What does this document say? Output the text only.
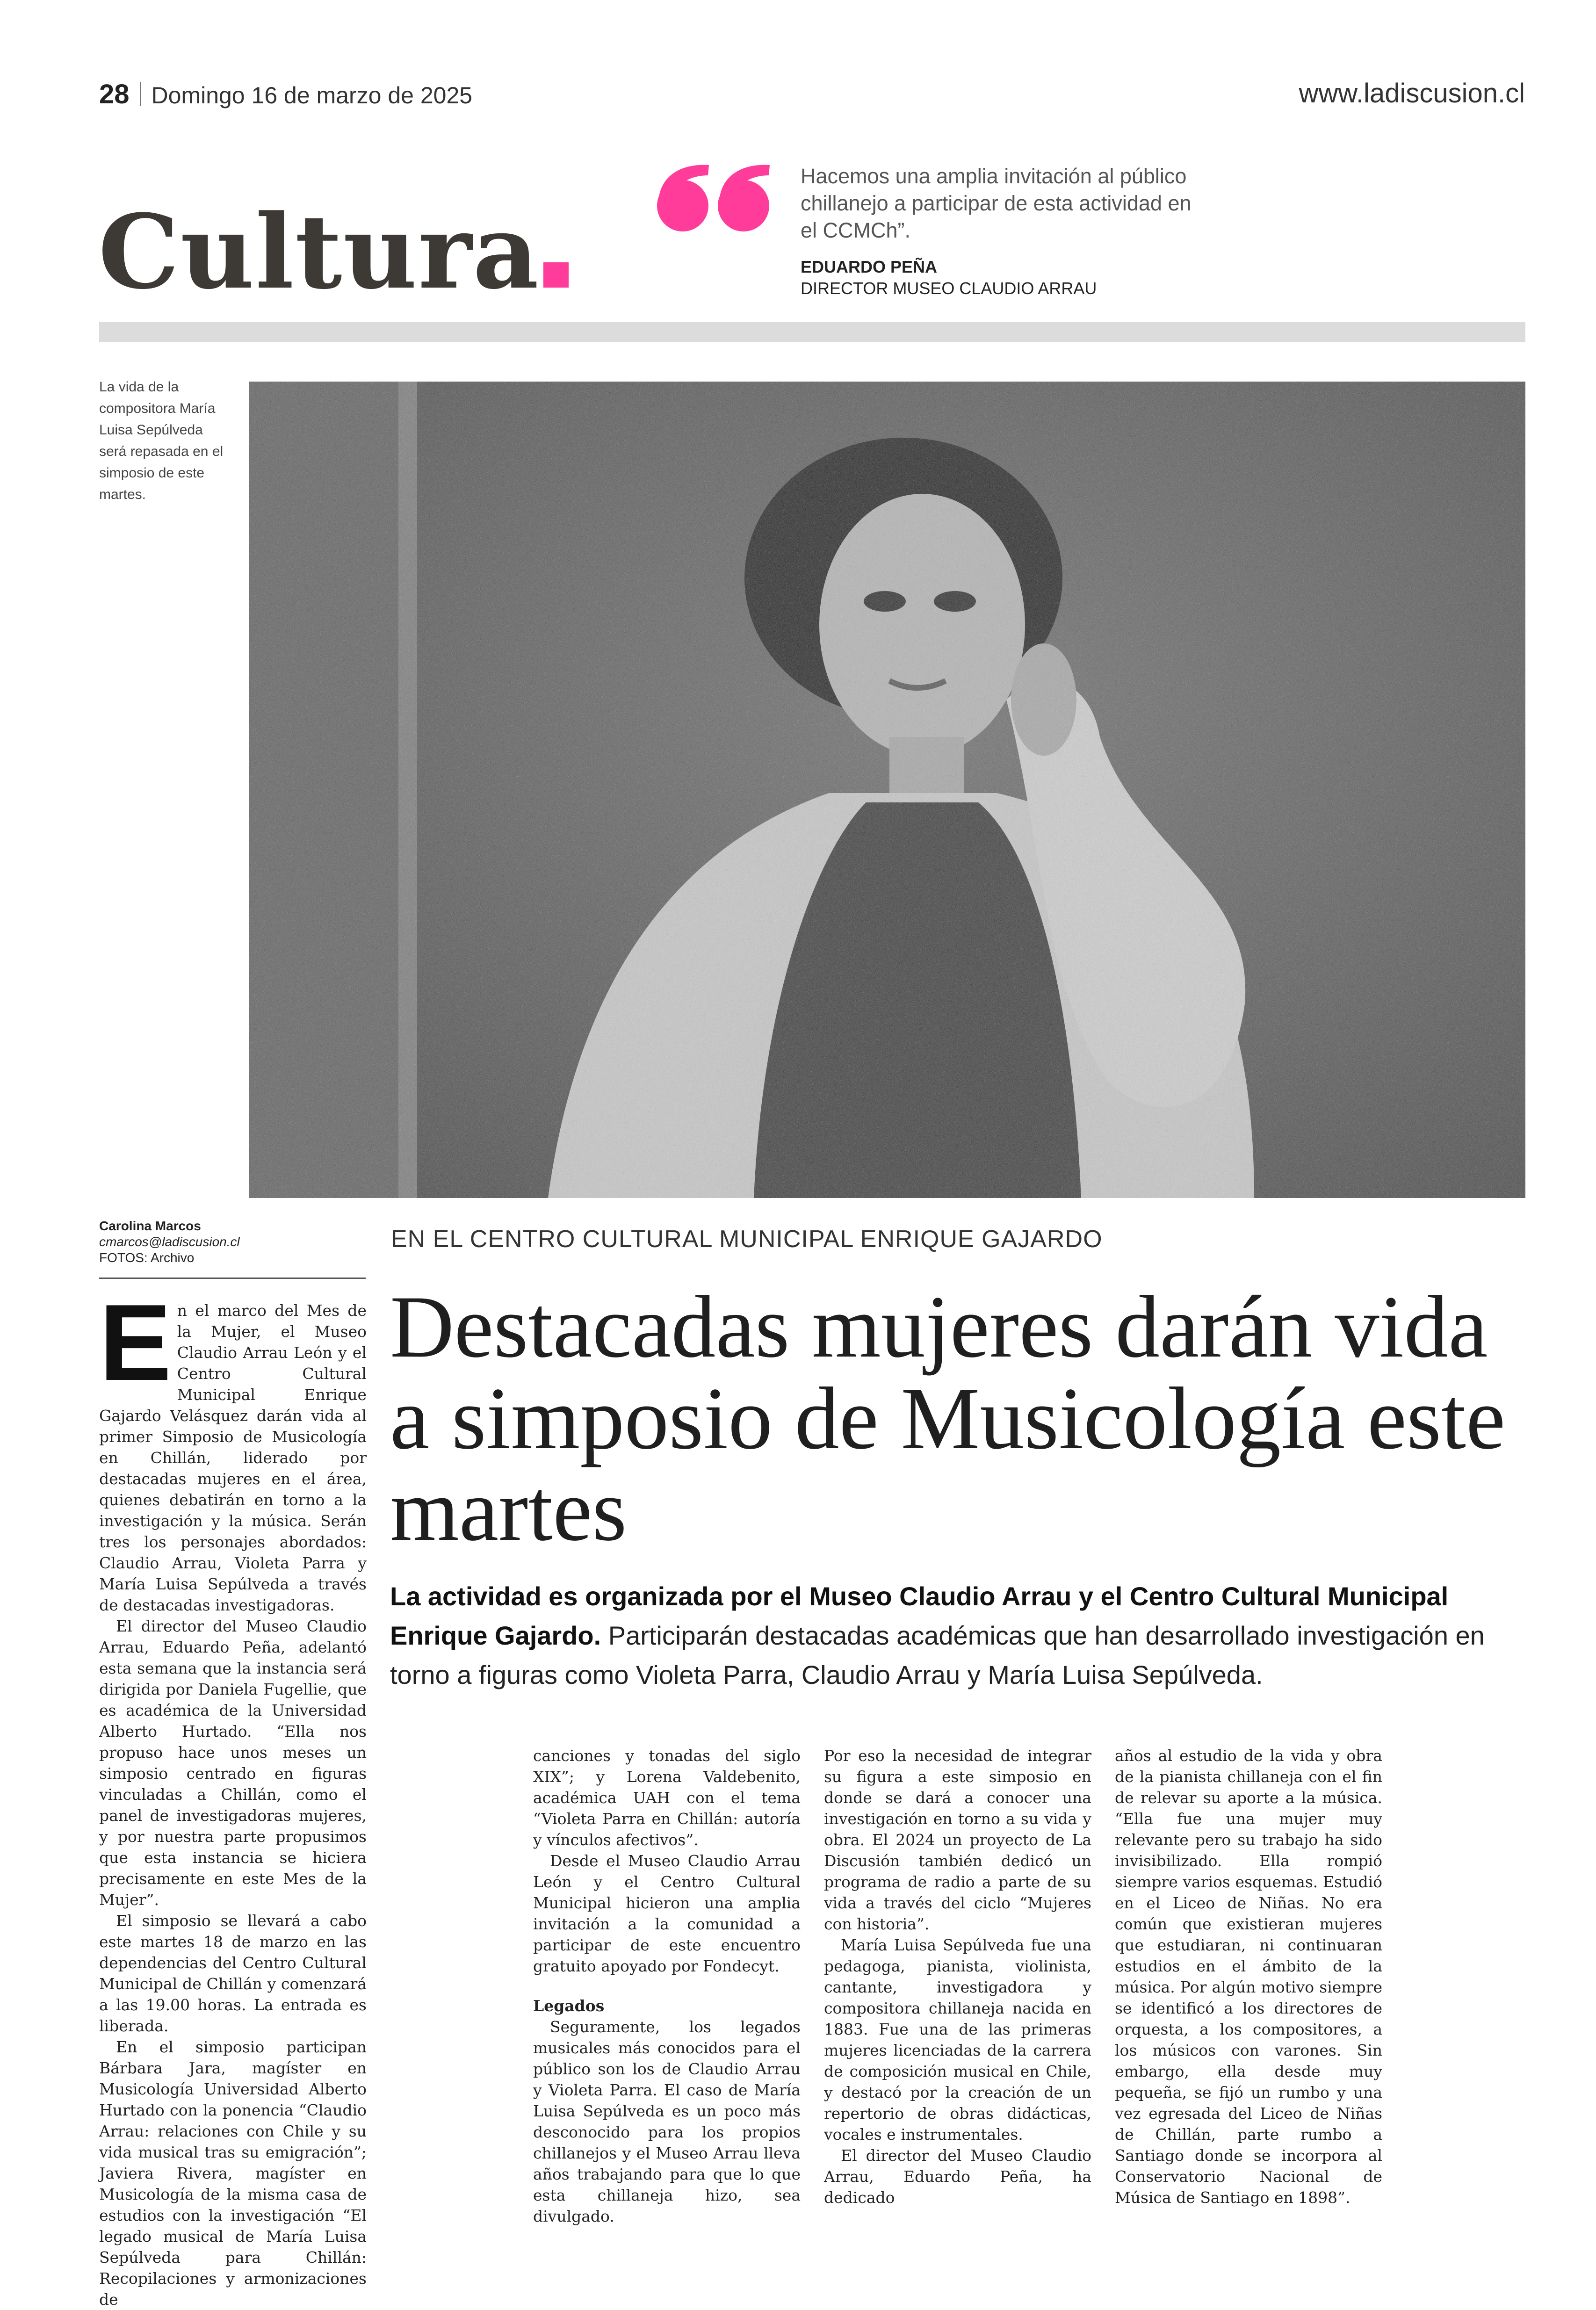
28 Domingo 16 de marzo de 2025	www.ladiscusion.cl
Cultura
Hacemos una amplia invitación al público chillanejo a participar de esta actividad en el CCMCh”.
EDUARDO PEÑA
DIRECTOR MUSEO CLAUDIO ARRAU
La vida de la compositora María Luisa Sepúlveda será repasada en el simposio de este martes.
Carolina Marcos
cmarcos@ladiscusion.cl
FOTOS: Archivo
EN EL CENTRO CULTURAL MUNICIPAL ENRIQUE GAJARDO
Destacadas mujeres darán vida a simposio de Musicología este martes
La actividad es organizada por el Museo Claudio Arrau y el Centro Cultural Municipal Enrique Gajardo. Participarán destacadas académicas que han desarrollado investigación en torno a figuras como Violeta Parra, Claudio Arrau y María Luisa Sepúlveda.
E n el marco del Mes de la Mujer, el Museo Claudio Arrau León y el Centro Cultural Municipal Enrique Gajardo Velásquez darán vida al primer Simposio de Musicología en Chillán, liderado por destacadas mujeres en el área, quienes debatirán en torno a la investigación y la música. Serán tres los personajes abordados: Claudio Arrau, Violeta Parra y María Luisa Sepúlveda a través de destacadas investigadoras.

El director del Museo Claudio Arrau, Eduardo Peña, adelantó esta semana que la instancia será dirigida por Daniela Fugellie, que es académica de la Universidad Alberto Hurtado. “Ella nos propuso hace unos meses un simposio centrado en figuras vinculadas a Chillán, como el panel de investigadoras mujeres, y por nuestra parte propusimos que esta instancia se hiciera precisamente en este Mes de la Mujer”.

El simposio se llevará a cabo este martes 18 de marzo en las dependencias del Centro Cultural Municipal de Chillán y comenzará a las 19.00 horas. La entrada es liberada.

En el simposio participan Bárbara Jara, magíster en Musicología Universidad Alberto Hurtado con la ponencia “Claudio Arrau: relaciones con Chile y su vida musical tras su emigración”; Javiera Rivera, magíster en Musicología de la misma casa de estudios con la investigación “El legado musical de María Luisa Sepúlveda para Chillán: Recopilaciones y armonizaciones de

canciones y tonadas del siglo XIX”; y Lorena Valdebenito, académica UAH con el tema “Violeta Parra en Chillán: autoría y vínculos afectivos”.

Desde el Museo Claudio Arrau León y el Centro Cultural Municipal hicieron una amplia invitación a la comunidad a participar de este encuentro gratuito apoyado por Fondecyt.

Legados

Seguramente, los legados musicales más conocidos para el público son los de Claudio Arrau y Violeta Parra. El caso de María Luisa Sepúlveda es un poco más desconocido para los propios chillanejos y el Museo Arrau lleva años trabajando para que lo que esta chillaneja hizo, sea divulgado.

Por eso la necesidad de integrar su figura a este simposio en donde se dará a conocer una investigación en torno a su vida y obra. El 2024 un proyecto de La Discusión también dedicó un programa de radio a parte de su vida a través del ciclo “Mujeres con historia”.

María Luisa Sepúlveda fue una pedagoga, pianista, violinista, cantante, investigadora y compositora chillaneja nacida en 1883. Fue una de las primeras mujeres licenciadas de la carrera de composición musical en Chile, y destacó por la creación de un repertorio de obras didácticas, vocales e instrumentales.

El director del Museo Claudio Arrau, Eduardo Peña, ha dedicado

años al estudio de la vida y obra de la pianista chillaneja con el fin de relevar su aporte a la música. “Ella fue una mujer muy relevante pero su trabajo ha sido invisibilizado. Ella rompió siempre varios esquemas. Estudió en el Liceo de Niñas. No era común que existieran mujeres que estudiaran, ni continuaran estudios en el ámbito de la música. Por algún motivo siempre se identificó a los directores de orquesta, a los compositores, a los músicos con varones. Sin embargo, ella desde muy pequeña, se fijó un rumbo y una vez egresada del Liceo de Niñas de Chillán, parte rumbo a Santiago donde se incorpora al Conservatorio Nacional de Música de Santiago en 1898”.
